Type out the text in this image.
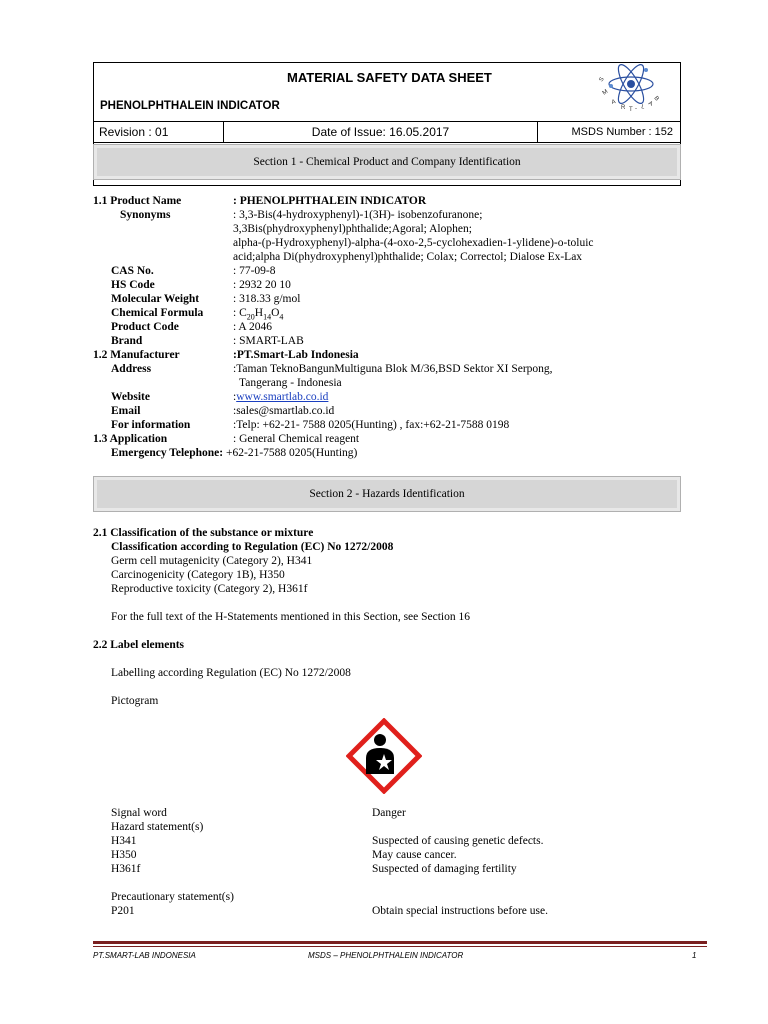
MATERIAL SAFETY DATA SHEET
PHENOLPHTHALEIN INDICATOR
S
M
A
R T - L A
B
Revision : 01	Date of Issue: 16.05.2017	MSDS Number : 152
Section 1 - Chemical Product and Company Identification
1.1 Product Name	: PHENOLPHTHALEIN INDICATOR
Synonyms	: 3,3-Bis(4-hydroxyphenyl)-1(3H)- isobenzofuranone;
3,3Bis(phydroxyphenyl)phthalide;Agoral; Alophen;
alpha-(p-Hydroxyphenyl)-alpha-(4-oxo-2,5-cyclohexadien-1-ylidene)-o-toluic
acid;alpha Di(phydroxyphenyl)phthalide; Colax; Correctol; Dialose Ex-Lax
CAS No.	: 77-09-8
HS Code	: 2932 20 10
Molecular Weight	: 318.33 g/mol
Chemical Formula	: $C_{20}H_{14}O_4$
Product Code	: A 2046
Brand	: SMART-LAB
1.2 Manufacturer	:PT.Smart-Lab Indonesia
Address	:Taman TeknoBangunMultiguna Blok M/36,BSD Sektor XI Serpong,
Tangerang - Indonesia
Website	:www.smartlab.co.id
Email	:sales@smartlab.co.id
For information	:Telp: +62-21- 7588 0205(Hunting) , fax:+62-21-7588 0198
1.3 Application	: General Chemical reagent
Emergency Telephone: +62-21-7588 0205(Hunting)
Section 2 - Hazards Identification
2.1 Classification of the substance or mixture
Classification according to Regulation (EC) No 1272/2008
Germ cell mutagenicity (Category 2), H341
Carcinogenicity (Category 1B), H350
Reproductive toxicity (Category 2), H361f
For the full text of the H-Statements mentioned in this Section, see Section 16
2.2 Label elements
Labelling according Regulation (EC) No 1272/2008
Pictogram
Signal word	Danger
Hazard statement(s)
H341	Suspected of causing genetic defects.
H350	May cause cancer.
H361f	Suspected of damaging fertility
Precautionary statement(s)
P201	Obtain special instructions before use.
PT.SMART-LAB INDONESIA	MSDS – PHENOLPHTHALEIN INDICATOR	1
